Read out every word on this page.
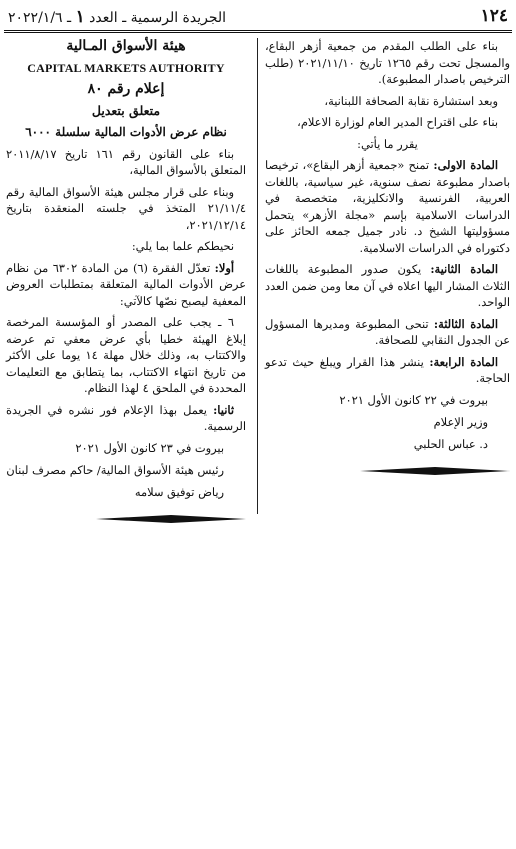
١٢٤
الجريدة الرسمية ـ العدد ١ ـ ٢٠٢٢/١/٦

بناء على الطلب المقدم من جمعية أزهر البقاع، والمسجل تحت رقم ١٢٦٥ تاريخ ٢٠٢١/١١/١٠ (طلب الترخيص باصدار المطبوعة).

وبعد استشارة نقابة الصحافة اللبنانية،

بناء على اقتراح المدير العام لوزارة الاعلام،

يقرر ما يأتي:

المادة الاولى: تمنح «جمعية أزهر البقاع»، ترخيصا باصدار مطبوعة نصف سنوية، غير سياسية، باللغات العربية، الفرنسية والانكليزية، متخصصة في الدراسات الاسلامية بإسم «مجلة الأزهر» يتحمل مسؤوليتها الشيخ د. نادر جميل جمعه الحائز على دكتوراه في الدراسات الاسلامية.

المادة الثانية: يكون صدور المطبوعة باللغات الثلاث المشار اليها اعلاه في آن معا ومن ضمن العدد الواحد.

المادة الثالثة: تنحى المطبوعة ومديرها المسؤول عن الجدول النقابي للصحافة.

المادة الرابعة: ينشر هذا القرار ويبلغ حيث تدعو الحاجة.

بيروت في ٢٢ كانون الأول ٢٠٢١

وزير الإعلام

د. عباس الحلبي

هيئة الأسواق المـالية

CAPITAL MARKETS AUTHORITY

إعلام رقم ٨٠

متعلق بتعديل

نظام عرض الأدوات المالية سلسلة ٦٠٠٠

بناء على القانون رقم ١٦١ تاريخ ٢٠١١/٨/١٧ المتعلق بالأسواق المالية،

وبناء على قرار مجلس هيئة الأسواق المالية رقم ٢١/١١/٤ المتخذ في جلسته المنعقدة بتاريخ ٢٠٢١/١٢/١٤،

نحيطكم علما بما يلي:

أولا: تعدّل الفقرة (٦) من المادة ٦٣٠٢ من نظام عرض الأدوات المالية المتعلقة بمتطلبات العروض المعفية ليصبح نصّها كالآتي:

٦ ـ يجب على المصدر أو المؤسسة المرخصة إبلاغ الهيئة خطيا بأي عرض معفي تم عرضه والاكتتاب به، وذلك خلال مهلة ١٤ يوما على الأكثر من تاريخ انتهاء الاكتتاب، بما يتطابق مع التعليمات المحددة في الملحق ٤ لهذا النظام.

ثانيا: يعمل بهذا الإعلام فور نشره في الجريدة الرسمية.

بيروت في ٢٣ كانون الأول ٢٠٢١

رئيس هيئة الأسواق المالية/ حاكم مصرف لبنان

رياض توفيق سلامه
